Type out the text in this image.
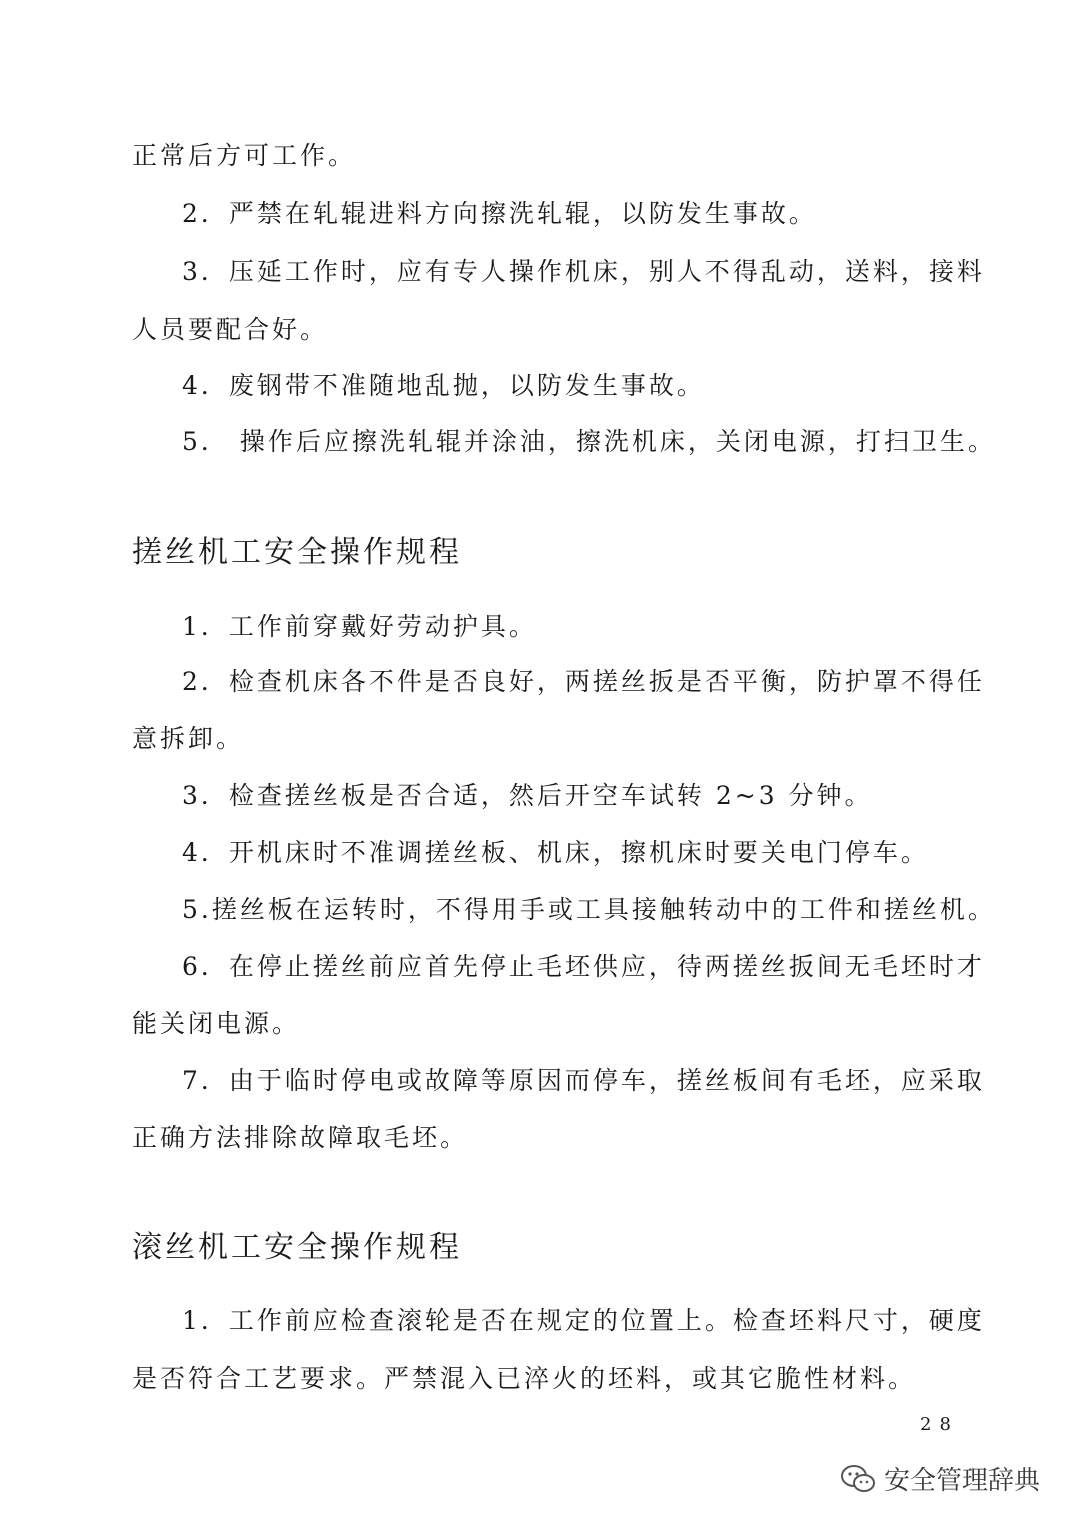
正常后方可工作。
2．严禁在轧辊进料方向擦洗轧辊，以防发生事故。
3．压延工作时，应有专人操作机床，别人不得乱动，送料，接料
人员要配合好。
4．废钢带不准随地乱抛，以防发生事故。
5． 操作后应擦洗轧辊并涂油，擦洗机床，关闭电源，打扫卫生。
搓丝机工安全操作规程
1．工作前穿戴好劳动护具。
2．检查机床各不件是否良好，两搓丝扳是否平衡，防护罩不得任
意拆卸。
3．检查搓丝板是否合适，然后开空车试转 2~3 分钟。
4．开机床时不准调搓丝板、机床，擦机床时要关电门停车。
5.搓丝板在运转时，不得用手或工具接触转动中的工件和搓丝机。
6．在停止搓丝前应首先停止毛坯供应，待两搓丝扳间无毛坯时才
能关闭电源。
7．由于临时停电或故障等原因而停车，搓丝板间有毛坯，应采取
正确方法排除故障取毛坯。
滚丝机工安全操作规程
1．工作前应检查滚轮是否在规定的位置上。检查坯料尺寸，硬度
是否符合工艺要求。严禁混入已淬火的坯料，或其它脆性材料。
28
安全管理辞典
